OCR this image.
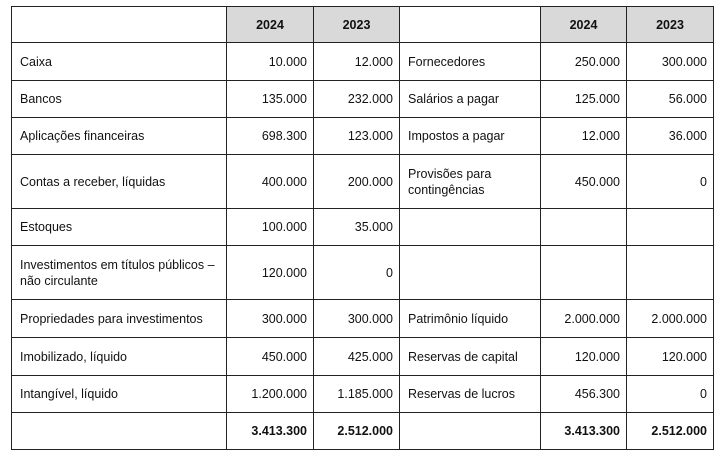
	2024	2023		2024	2023
Caixa	10.000	12.000	Fornecedores	250.000	300.000
Bancos	135.000	232.000	Salários a pagar	125.000	56.000
Aplicações financeiras	698.300	123.000	Impostos a pagar	12.000	36.000
Contas a receber, líquidas	400.000	200.000	Provisões para contingências	450.000	0
Estoques	100.000	35.000			
Investimentos em títulos públicos – não circulante	120.000	0			
Propriedades para investimentos	300.000	300.000	Patrimônio líquido	2.000.000	2.000.000
Imobilizado, líquido	450.000	425.000	Reservas de capital	120.000	120.000
Intangível, líquido	1.200.000	1.185.000	Reservas de lucros	456.300	0
	3.413.300	2.512.000		3.413.300	2.512.000
